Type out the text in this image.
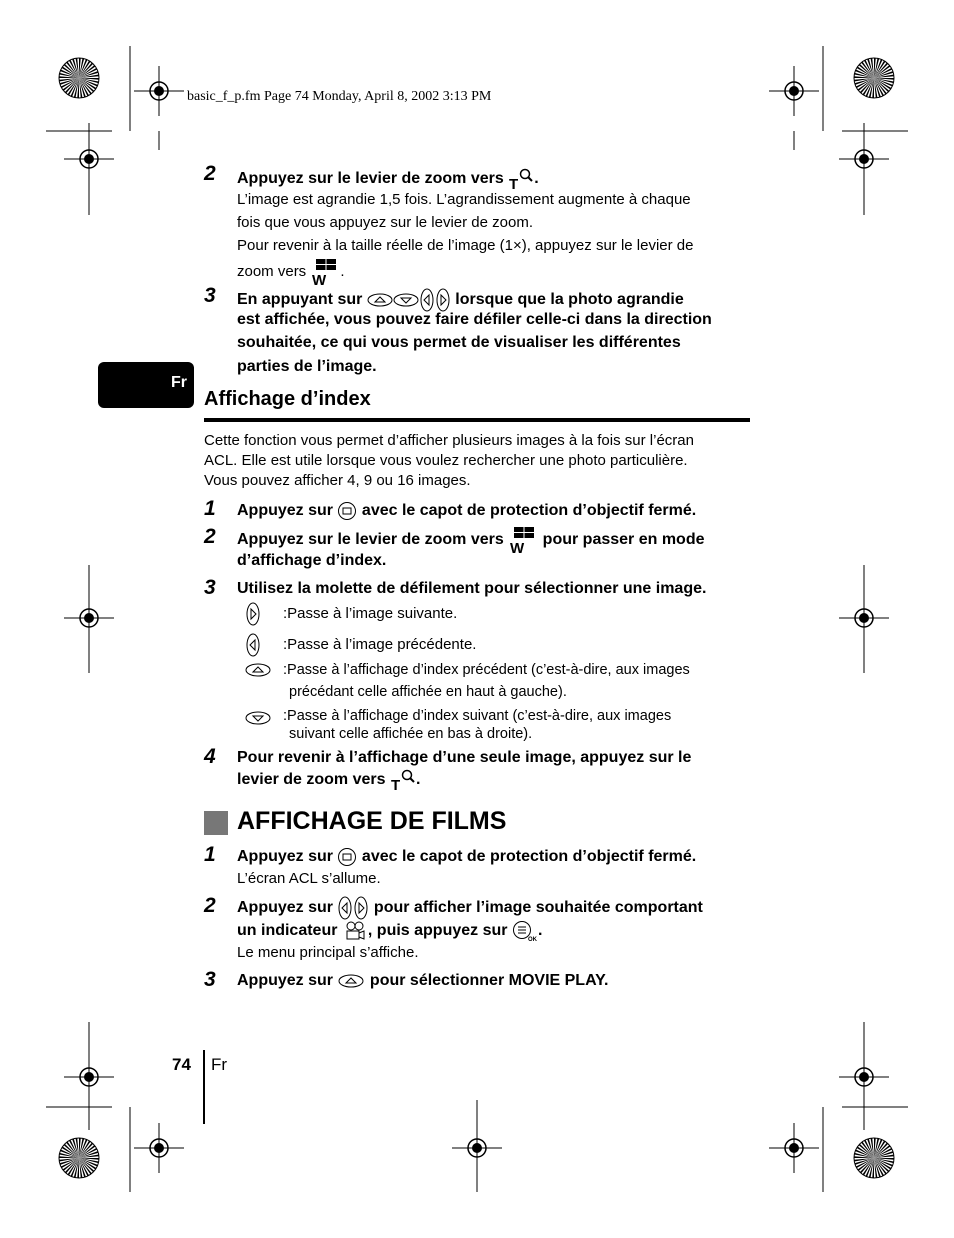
basic_f_p.fm Page 74 Monday, April 8, 2002 3:13 PM
2 Appuyez sur le levier de zoom vers T .
L’image est agrandie 1,5 fois. L’agrandissement augmente à chaque
fois que vous appuyez sur le levier de zoom.
Pour revenir à la taille réelle de l’image (1×), appuyez sur le levier de
zoom vers
W
.
3 En appuyant sur	lorsque que la photo agrandie
est affichée, vous pouvez faire défiler celle-ci dans la direction
souhaitée, ce qui vous permet de visualiser les différentes
parties de l’image.
Fr
Affichage d’index
Cette fonction vous permet d’afficher plusieurs images à la fois sur l’écran
ACL. Elle est utile lorsque vous voulez rechercher une photo particulière.
Vous pouvez afficher 4, 9 ou 16 images.
1 Appuyez sur avec le capot de protection d’objectif fermé.
2 Appuyez sur le levier de zoom vers
W
pour passer en mode
d’affichage d’index.
3 Utilisez la molette de défilement pour sélectionner une image.
:Passe à l’image suivante.
:Passe à l’image précédente.
:Passe à l’affichage d’index précédent (c’est-à-dire, aux images
précédant celle affichée en haut à gauche).
:Passe à l’affichage d’index suivant (c’est-à-dire, aux images
suivant celle affichée en bas à droite).
4 Pour revenir à l’affichage d’une seule image, appuyez sur le
levier de zoom vers T .
AFFICHAGE DE FILMS
1 Appuyez sur avec le capot de protection d’objectif fermé.
L’écran ACL s’allume.
2 Appuyez sur	pour afficher l’image souhaitée comportant
un indicateur , puis appuyez sur
OK
.
Le menu principal s’affiche.
3 Appuyez sur pour sélectionner MOVIE PLAY.
74 Fr
